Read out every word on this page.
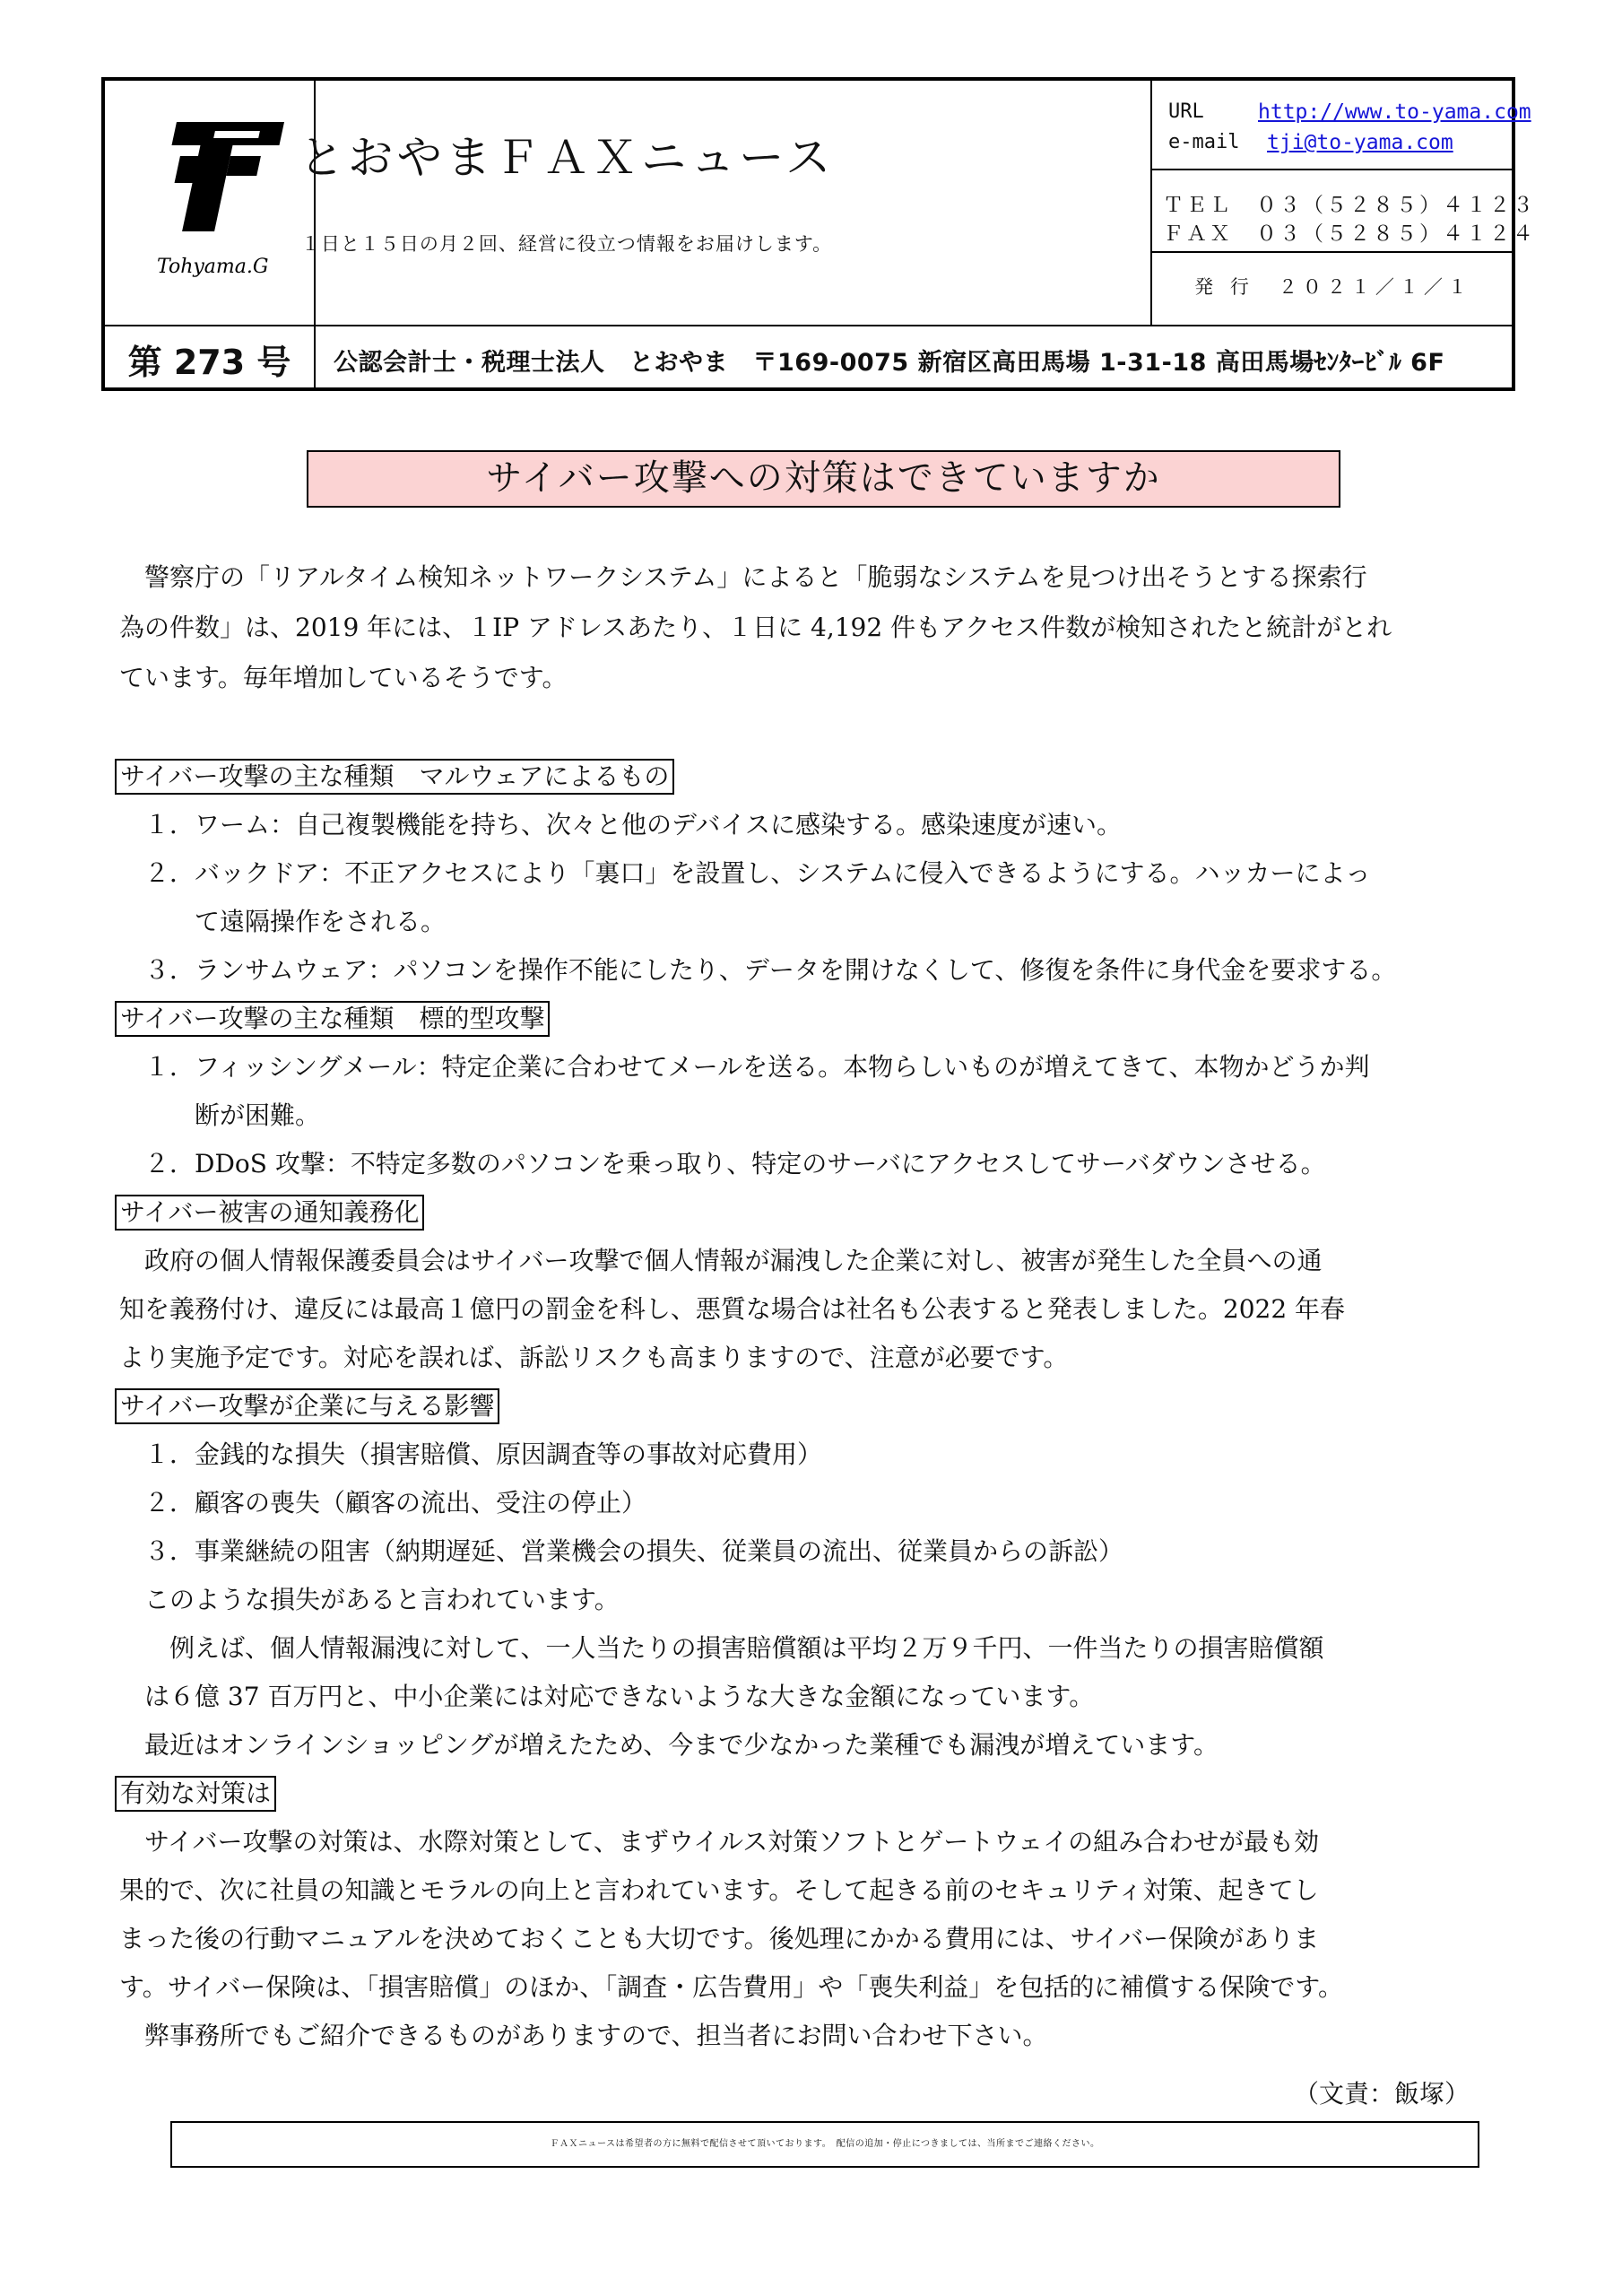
Tohyama.G
とおやまＦＡＸニュース
１日と１５日の月２回、経営に役立つ情報をお届けします。
URL	http://www.to-yama.com
e-mail tji@to-yama.com
ＴＥＬ　０３（５２８５）４１２３
ＦＡＸ　０３（５２８５）４１２４
発 行　２０２１／１／１
第 273 号	公認会計士・税理士法人　とおやま　〒169-0075 新宿区高田馬場 1-31-18 高田馬場ｾﾝﾀｰﾋﾞﾙ 6F
サイバー攻撃への対策はできていますか
　警察庁の「リアルタイム検知ネットワークシステム」によると「脆弱なシステムを見つけ出そうとする探索行
為の件数」は、2019 年には、１IP アドレスあたり、１日に 4,192 件もアクセス件数が検知されたと統計がとれ
ています。毎年増加しているそうです。
サイバー攻撃の主な種類　マルウェアによるもの
　１．ワーム：自己複製機能を持ち、次々と他のデバイスに感染する。感染速度が速い。
　２．バックドア：不正アクセスにより「裏口」を設置し、システムに侵入できるようにする。ハッカーによっ
　　　て遠隔操作をされる。
　３．ランサムウェア：パソコンを操作不能にしたり、データを開けなくして、修復を条件に身代金を要求する。
サイバー攻撃の主な種類　標的型攻撃
　１．フィッシングメール：特定企業に合わせてメールを送る。本物らしいものが増えてきて、本物かどうか判
　　　断が困難。
　２．DDoS 攻撃：不特定多数のパソコンを乗っ取り、特定のサーバにアクセスしてサーバダウンさせる。
サイバー被害の通知義務化
　政府の個人情報保護委員会はサイバー攻撃で個人情報が漏洩した企業に対し、被害が発生した全員への通
知を義務付け、違反には最高１億円の罰金を科し、悪質な場合は社名も公表すると発表しました。2022 年春
より実施予定です。対応を誤れば、訴訟リスクも高まりますので、注意が必要です。
サイバー攻撃が企業に与える影響
　１．金銭的な損失（損害賠償、原因調査等の事故対応費用）
　２．顧客の喪失（顧客の流出、受注の停止）
　３．事業継続の阻害（納期遅延、営業機会の損失、従業員の流出、従業員からの訴訟）
　このような損失があると言われています。
　　例えば、個人情報漏洩に対して、一人当たりの損害賠償額は平均２万９千円、一件当たりの損害賠償額
　は６億 37 百万円と、中小企業には対応できないような大きな金額になっています。
　最近はオンラインショッピングが増えたため、今まで少なかった業種でも漏洩が増えています。
有効な対策は
　サイバー攻撃の対策は、水際対策として、まずウイルス対策ソフトとゲートウェイの組み合わせが最も効
果的で、次に社員の知識とモラルの向上と言われています。そして起きる前のセキュリティ対策、起きてし
まった後の行動マニュアルを決めておくことも大切です。後処理にかかる費用には、サイバー保険がありま
す。サイバー保険は、「損害賠償」のほか、「調査・広告費用」や「喪失利益」を包括的に補償する保険です。
　弊事務所でもご紹介できるものがありますので、担当者にお問い合わせ下さい。
（文責：飯塚）
ＦＡＸニュースは希望者の方に無料で配信させて頂いております。　配信の追加・停止につきましては、当所までご連絡ください。
